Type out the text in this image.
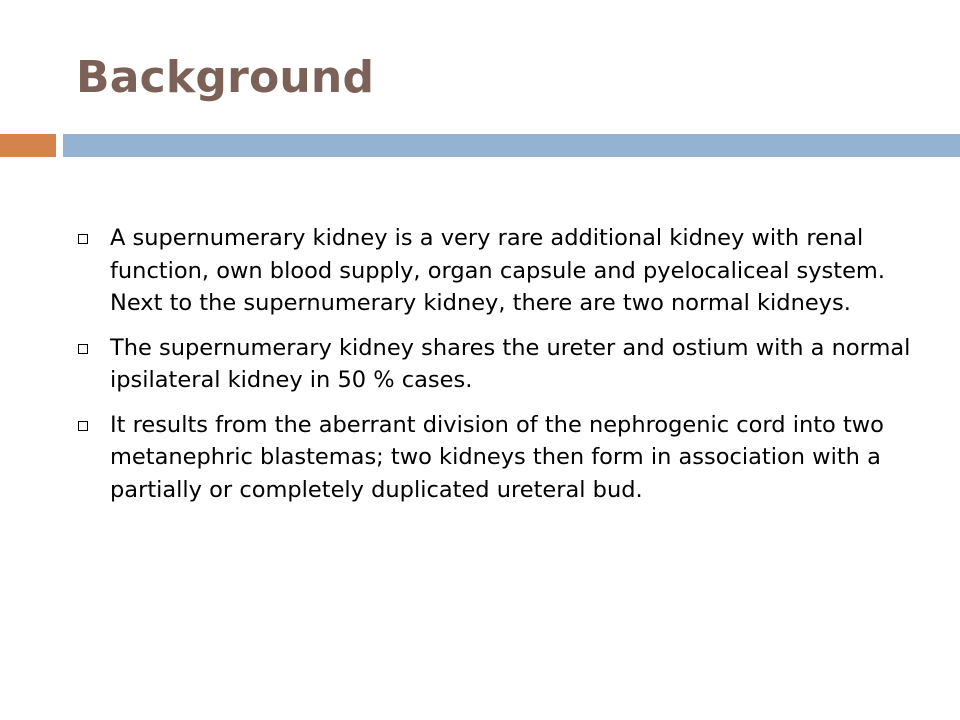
Background
A supernumerary kidney is a very rare additional kidney with renal function, own blood supply, organ capsule and pyelocaliceal system. Next to the supernumerary kidney, there are two normal kidneys.
The supernumerary kidney shares the ureter and ostium with a normal ipsilateral kidney in 50 % cases.
It results from the aberrant division of the nephrogenic cord into two metanephric blastemas; two kidneys then form in association with a partially or completely duplicated ureteral bud.
